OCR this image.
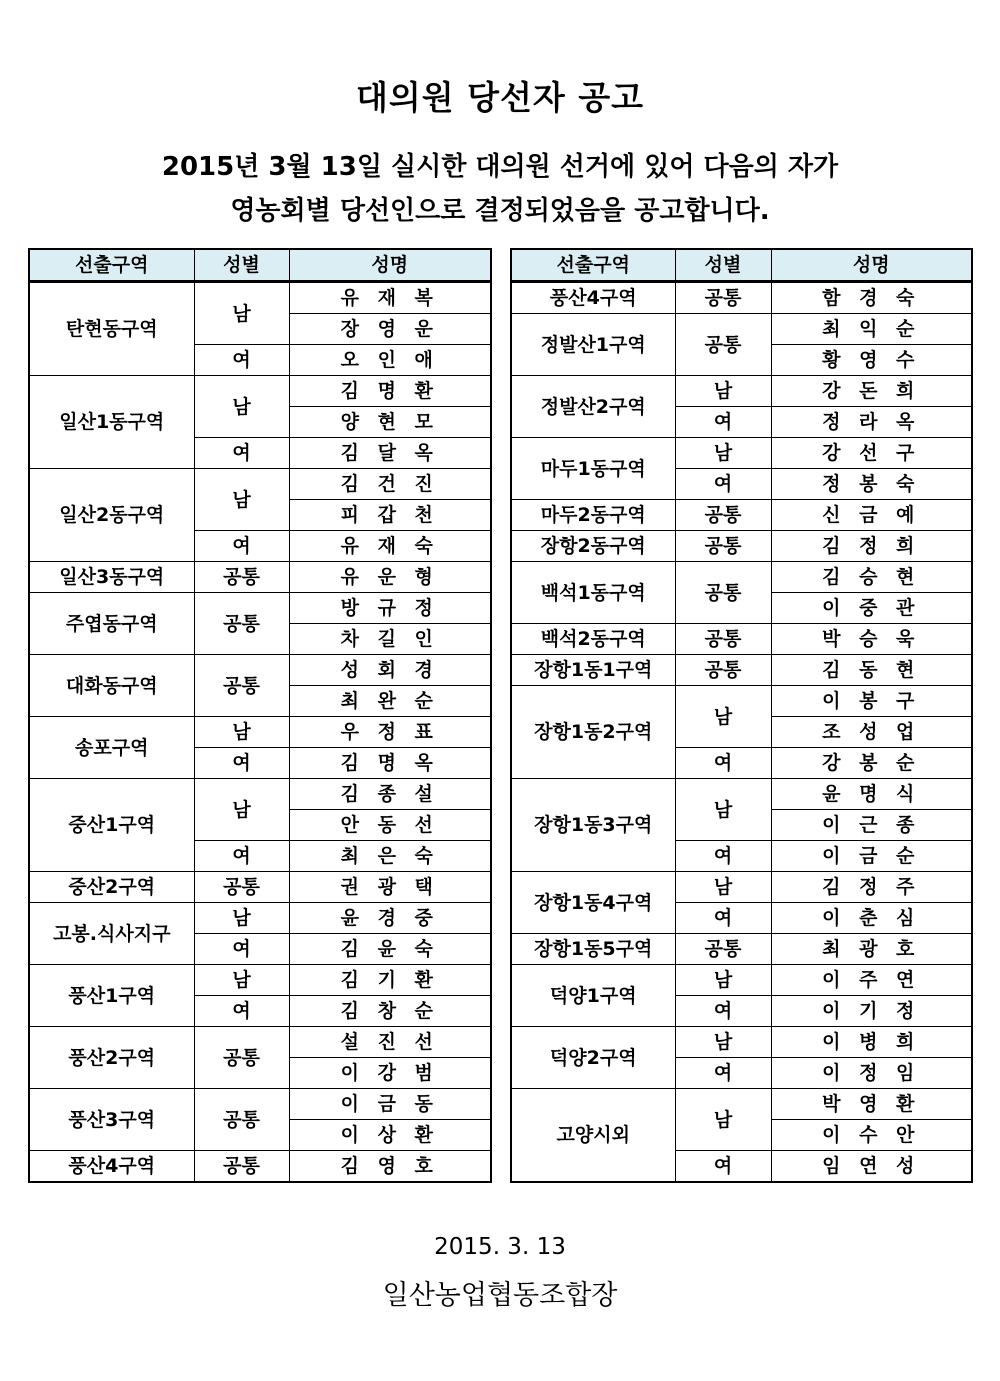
대의원 당선자 공고
2015년 3월 13일 실시한 대의원 선거에 있어 다음의 자가
영농회별 당선인으로 결정되었음을 공고합니다.
선출구역	성별	성명
탄현동구역	남	유 재 복
		장 영 운
	여	오 인 애
일산1동구역	남	김 명 환
		양 현 모
	여	김 달 옥
일산2동구역	남	김 건 진
		피 갑 천
	여	유 재 숙
일산3동구역	공통	유 운 형
주엽동구역	공통	방 규 정
		차 길 인
대화동구역	공통	성 회 경
		최 완 순
송포구역	남	우 정 표
	여	김 명 옥
중산1구역	남	김 종 설
		안 동 선
	여	최 은 숙
중산2구역	공통	권 광 택
고봉.식사지구	남	윤 경 중
	여	김 윤 숙
풍산1구역	남	김 기 환
	여	김 창 순
풍산2구역	공통	설 진 선
		이 강 범
풍산3구역	공통	이 금 동
		이 상 환
풍산4구역	공통	김 영 호
선출구역	성별	성명
풍산4구역	공통	함 경 숙
정발산1구역	공통	최 익 순
		황 영 수
정발산2구역	남	강 돈 희
	여	정 라 옥
마두1동구역	남	강 선 구
	여	정 봉 숙
마두2동구역	공통	신 금 예
장항2동구역	공통	김 정 희
백석1동구역	공통	김 승 현
		이 중 관
백석2동구역	공통	박 승 욱
장항1동1구역	공통	김 동 현
장항1동2구역	남	이 봉 구
		조 성 업
	여	강 봉 순
장항1동3구역	남	윤 명 식
		이 근 종
	여	이 금 순
장항1동4구역	남	김 정 주
	여	이 춘 심
장항1동5구역	공통	최 광 호
덕양1구역	남	이 주 연
	여	이 기 정
덕양2구역	남	이 병 희
	여	이 정 임
고양시외	남	박 영 환
		이 수 안
	여	임 연 성
2015. 3. 13
일산농업협동조합장
